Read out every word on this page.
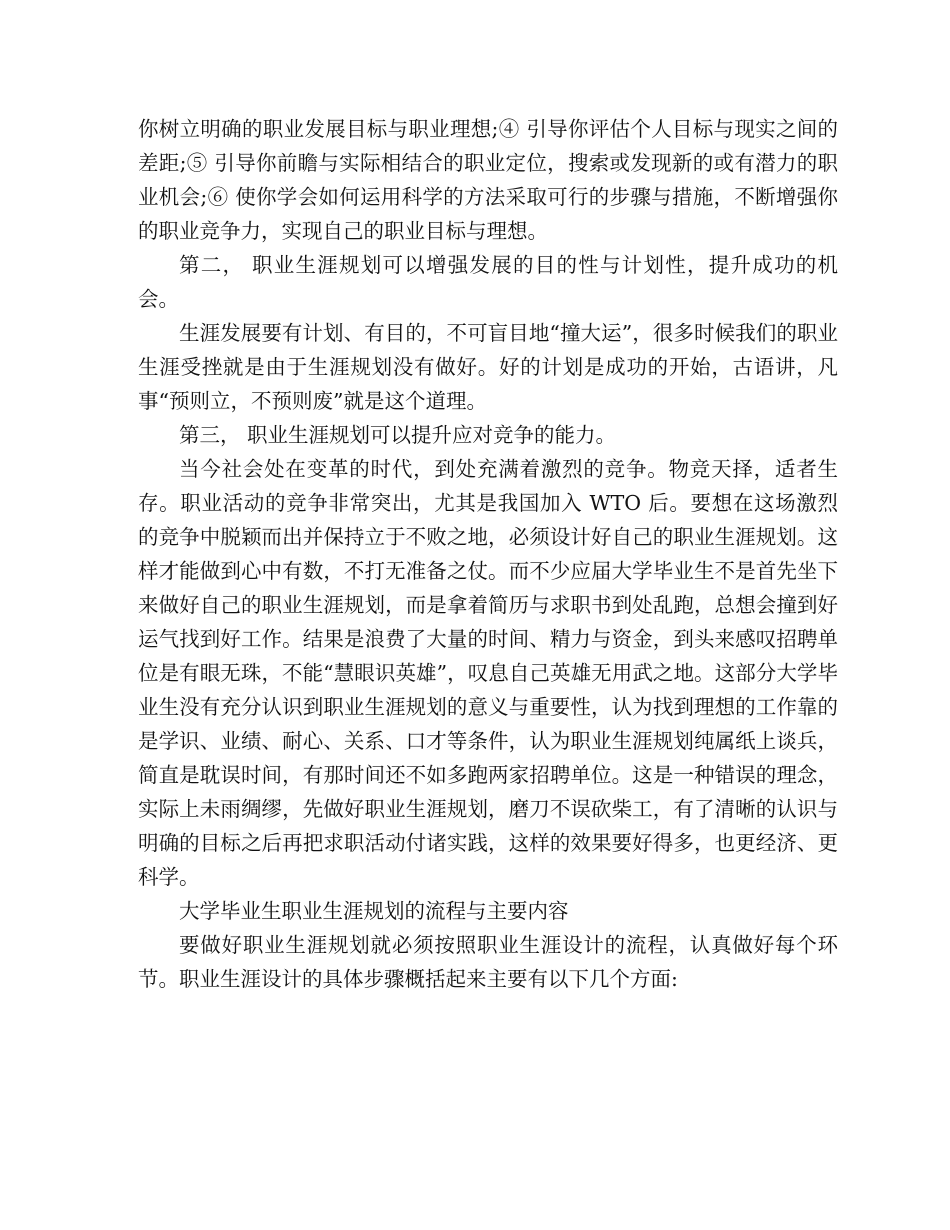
你树立明确的职业发展目标与职业理想;④ 引导你评估个人目标与现实之间的差距;⑤ 引导你前瞻与实际相结合的职业定位，搜索或发现新的或有潜力的职业机会;⑥ 使你学会如何运用科学的方法采取可行的步骤与措施，不断增强你的职业竞争力，实现自己的职业目标与理想。

第二， 职业生涯规划可以增强发展的目的性与计划性，提升成功的机会。

生涯发展要有计划、有目的，不可盲目地“撞大运”，很多时候我们的职业生涯受挫就是由于生涯规划没有做好。好的计划是成功的开始，古语讲，凡事“预则立，不预则废”就是这个道理。

第三， 职业生涯规划可以提升应对竞争的能力。

当今社会处在变革的时代，到处充满着激烈的竞争。物竞天择，适者生存。职业活动的竞争非常突出，尤其是我国加入 WTO 后。要想在这场激烈的竞争中脱颖而出并保持立于不败之地，必须设计好自己的职业生涯规划。这样才能做到心中有数，不打无准备之仗。而不少应届大学毕业生不是首先坐下来做好自己的职业生涯规划，而是拿着简历与求职书到处乱跑，总想会撞到好运气找到好工作。结果是浪费了大量的时间、精力与资金，到头来感叹招聘单位是有眼无珠，不能“慧眼识英雄”，叹息自己英雄无用武之地。这部分大学毕业生没有充分认识到职业生涯规划的意义与重要性，认为找到理想的工作靠的是学识、业绩、耐心、关系、口才等条件，认为职业生涯规划纯属纸上谈兵，简直是耽误时间，有那时间还不如多跑两家招聘单位。这是一种错误的理念，实际上未雨绸缪，先做好职业生涯规划，磨刀不误砍柴工，有了清晰的认识与明确的目标之后再把求职活动付诸实践，这样的效果要好得多，也更经济、更科学。

大学毕业生职业生涯规划的流程与主要内容

要做好职业生涯规划就必须按照职业生涯设计的流程，认真做好每个环节。职业生涯设计的具体步骤概括起来主要有以下几个方面:
